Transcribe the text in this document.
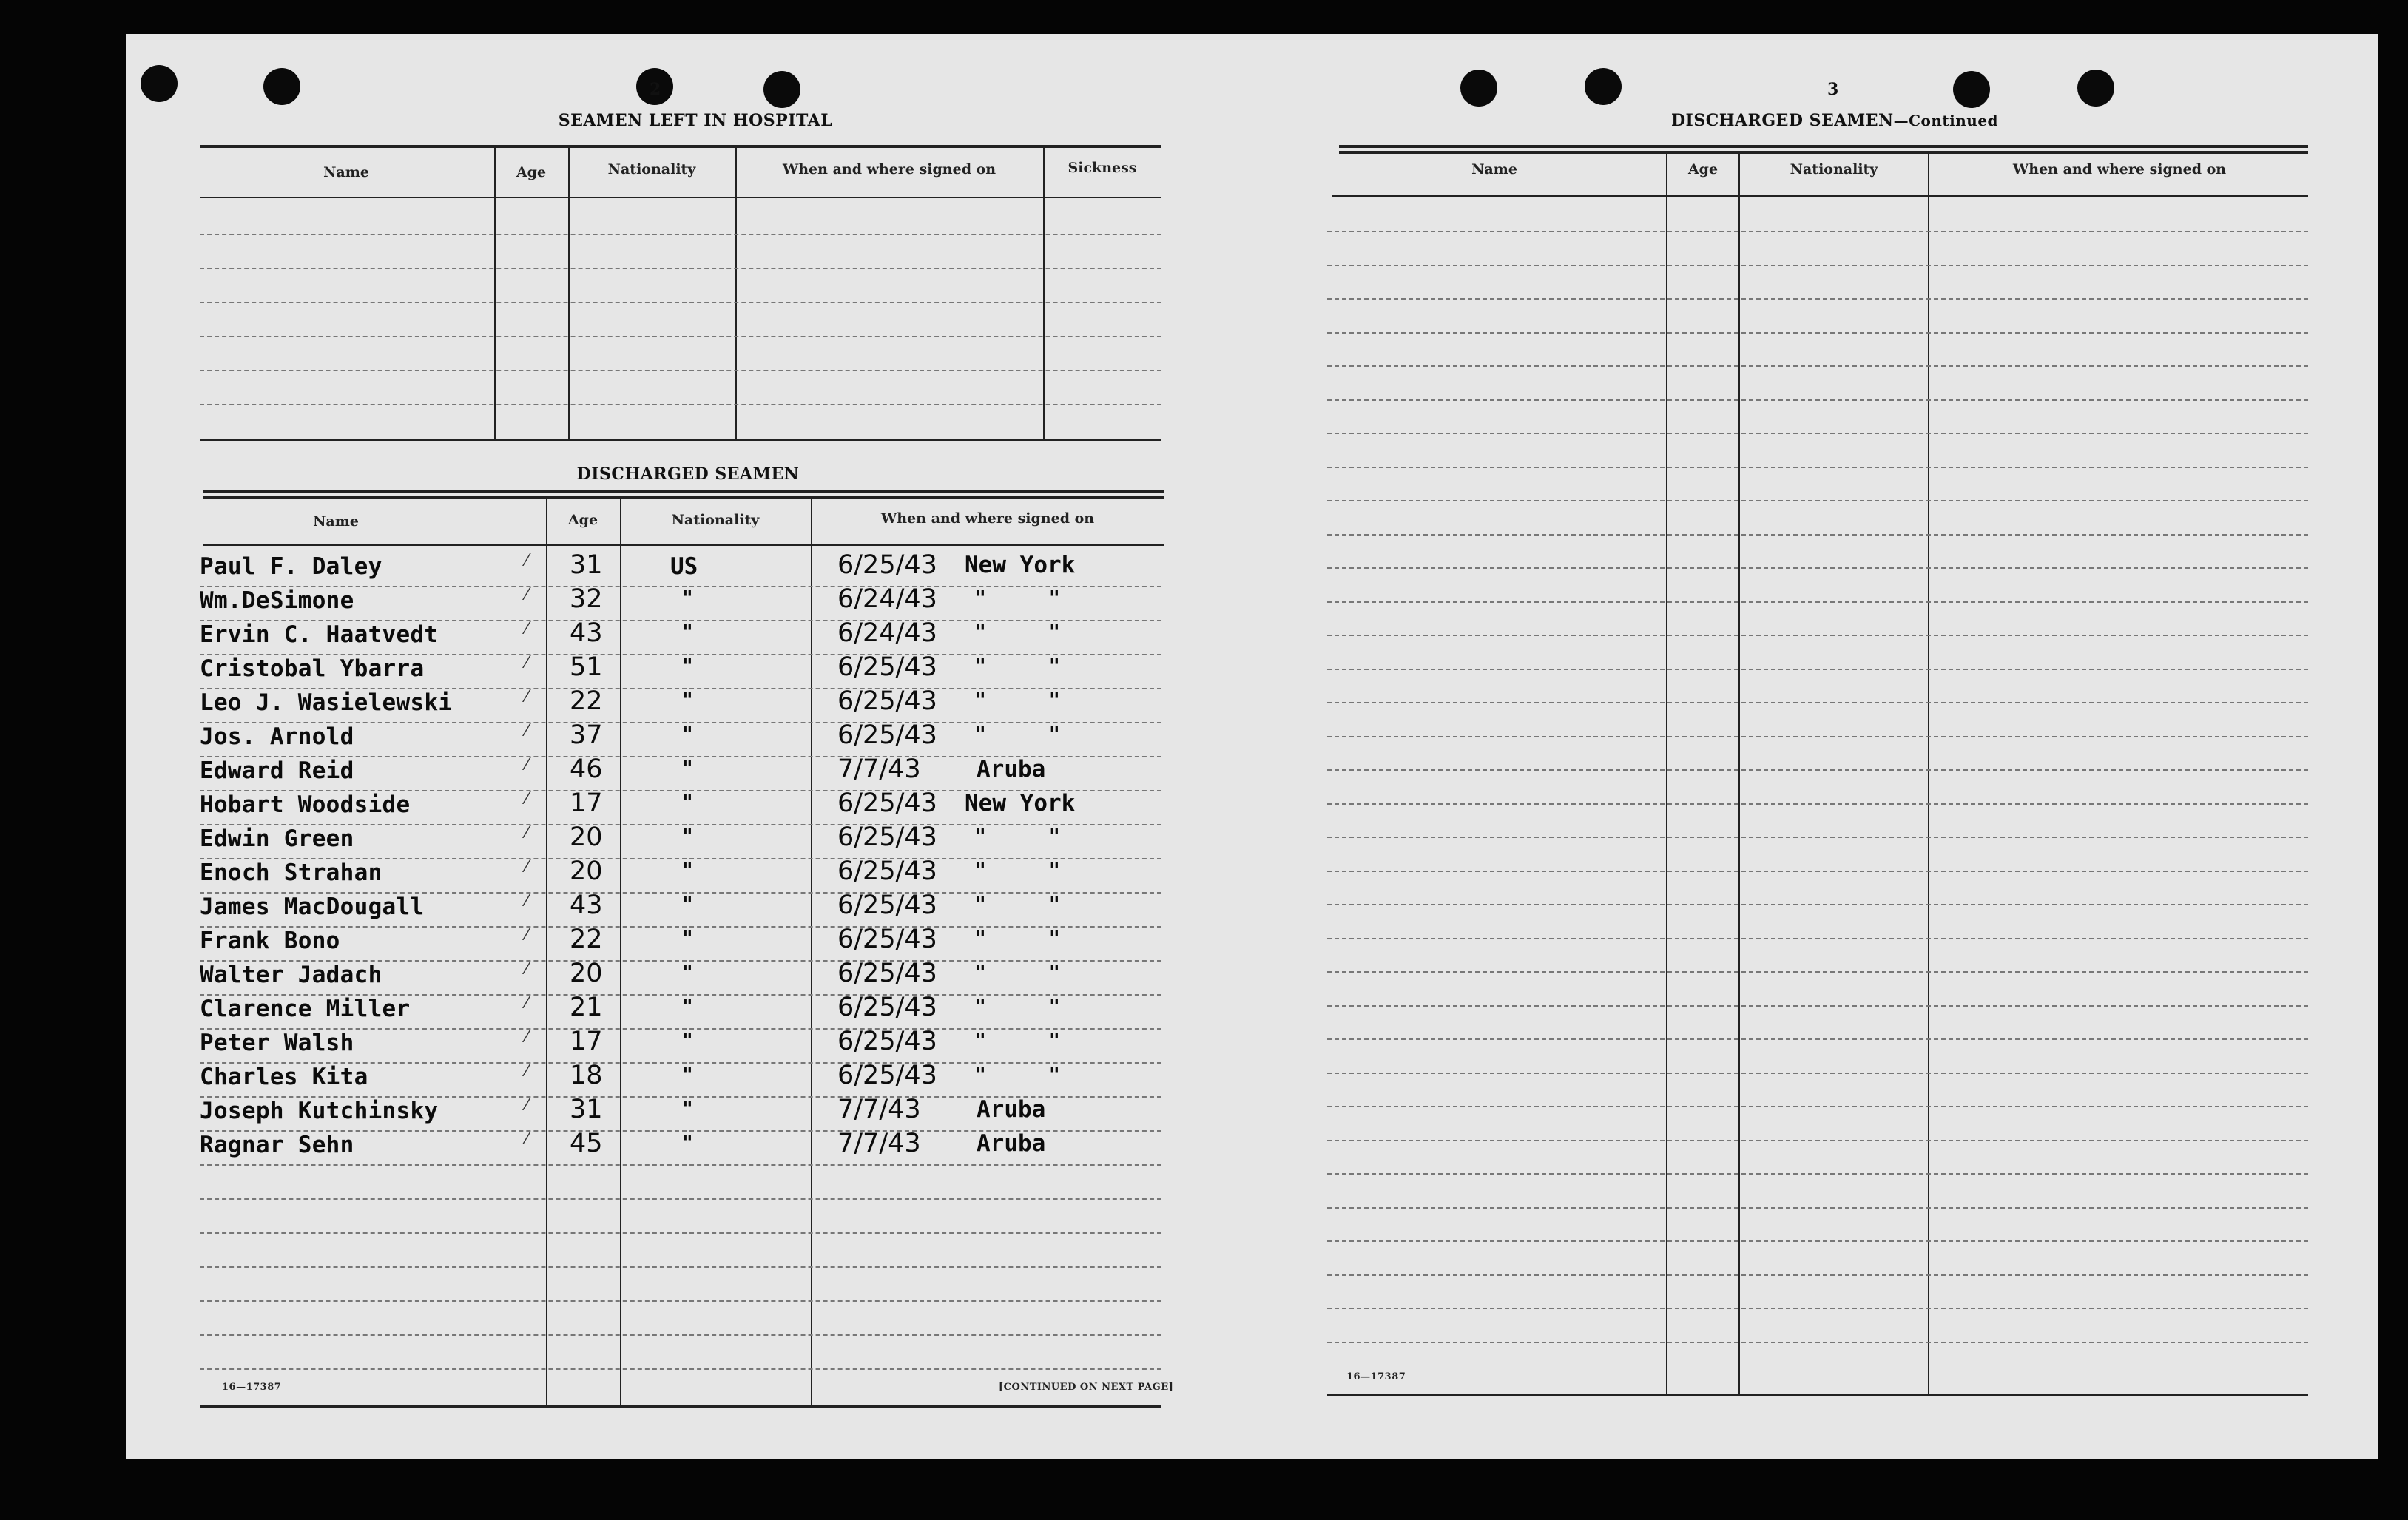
2
SEAMEN LEFT IN HOSPITAL
Name	Age	Nationality	When and where signed on	Sickness
DISCHARGED SEAMEN
Name	Age	Nationality	When and where signed on
Paul F. Daley	⁄ 31	US	6/25/43 New York
Wm.DeSimone	⁄ 32	"	6/24/43 "	"
Ervin C. Haatvedt	⁄ 43	"	6/24/43 "	"
Cristobal Ybarra	⁄ 51	"	6/25/43 "	"
Leo J. Wasielewski	⁄ 22	"	6/25/43 "	"
Jos. Arnold	⁄ 37	"	6/25/43 "	"
Edward Reid	⁄ 46	"	7/7/43 Aruba
Hobart Woodside	⁄ 17	"	6/25/43 New York
Edwin Green	⁄ 20	"	6/25/43 "	"
Enoch Strahan	⁄ 20	"	6/25/43 "	"
James MacDougall	⁄ 43	"	6/25/43 "	"
Frank Bono	⁄ 22	"	6/25/43 "	"
Walter Jadach	⁄ 20	"	6/25/43 "	"
Clarence Miller	⁄ 21	"	6/25/43 "	"
Peter Walsh	⁄ 17	"	6/25/43 "	"
Charles Kita	⁄ 18	"	6/25/43 "	"
Joseph Kutchinsky	⁄ 31	"	7/7/43 Aruba
Ragnar Sehn	⁄ 45	"	7/7/43 Aruba
16—17387	[CONTINUED ON NEXT PAGE]
3
DISCHARGED SEAMEN—Continued
Name	Age	Nationality	When and where signed on
16—17387
